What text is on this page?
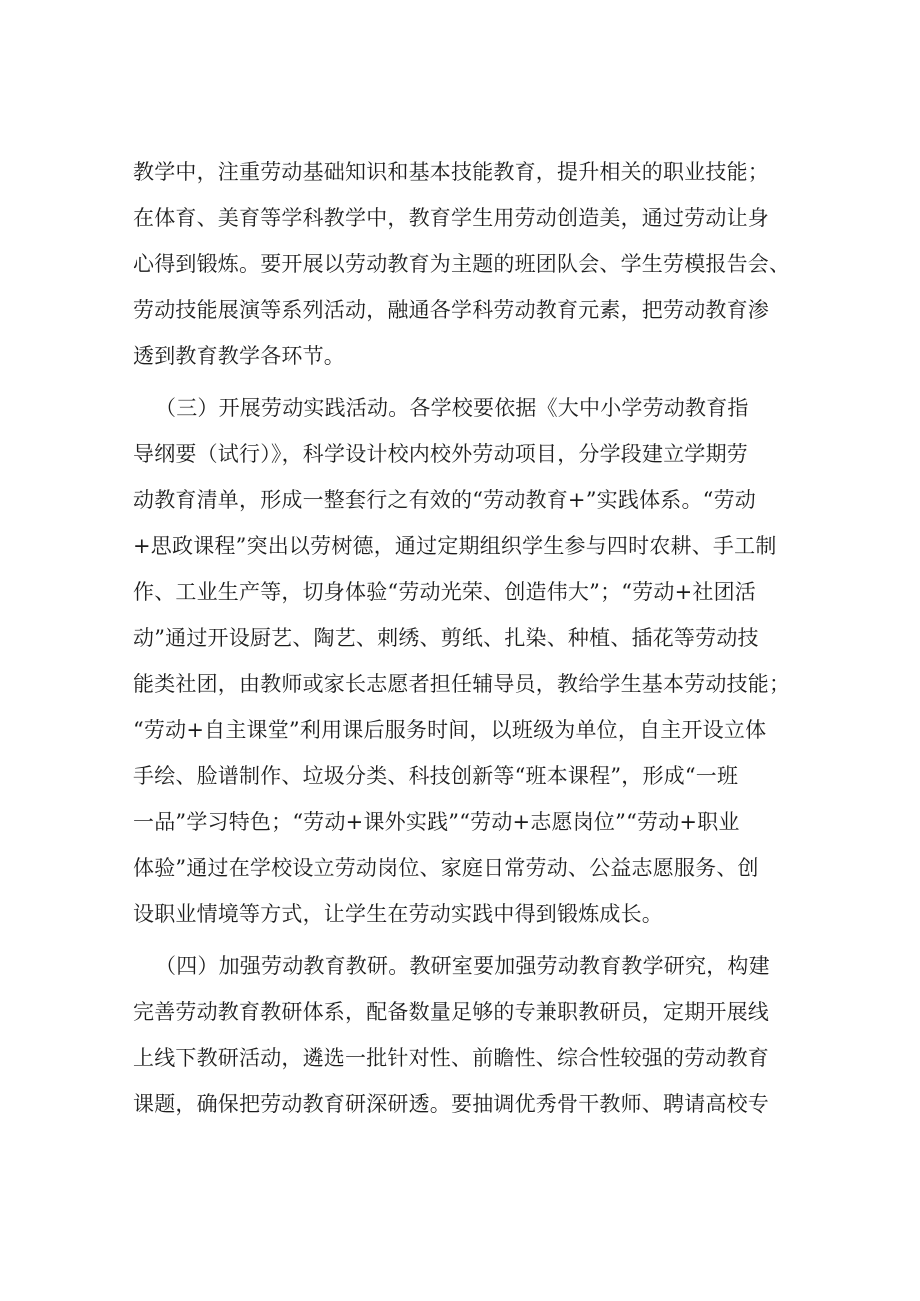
教学中，注重劳动基础知识和基本技能教育，提升相关的职业技能；
在体育、美育等学科教学中，教育学生用劳动创造美，通过劳动让身
心得到锻炼。要开展以劳动教育为主题的班团队会、学生劳模报告会、
劳动技能展演等系列活动，融通各学科劳动教育元素，把劳动教育渗
透到教育教学各环节。
（三）开展劳动实践活动。各学校要依据《大中小学劳动教育指
导纲要（试行）》，科学设计校内校外劳动项目，分学段建立学期劳
动教育清单，形成一整套行之有效的“劳动教育+”实践体系。“劳动
+思政课程”突出以劳树德，通过定期组织学生参与四时农耕、手工制
作、工业生产等，切身体验“劳动光荣、创造伟大”；“劳动+社团活
动”通过开设厨艺、陶艺、刺绣、剪纸、扎染、种植、插花等劳动技
能类社团，由教师或家长志愿者担任辅导员，教给学生基本劳动技能；
“劳动+自主课堂”利用课后服务时间，以班级为单位，自主开设立体
手绘、脸谱制作、垃圾分类、科技创新等“班本课程”，形成“一班
一品”学习特色；“劳动+课外实践”“劳动+志愿岗位”“劳动+职业
体验”通过在学校设立劳动岗位、家庭日常劳动、公益志愿服务、创
设职业情境等方式，让学生在劳动实践中得到锻炼成长。
（四）加强劳动教育教研。教研室要加强劳动教育教学研究，构建
完善劳动教育教研体系，配备数量足够的专兼职教研员，定期开展线
上线下教研活动，遴选一批针对性、前瞻性、综合性较强的劳动教育
课题，确保把劳动教育研深研透。要抽调优秀骨干教师、聘请高校专
